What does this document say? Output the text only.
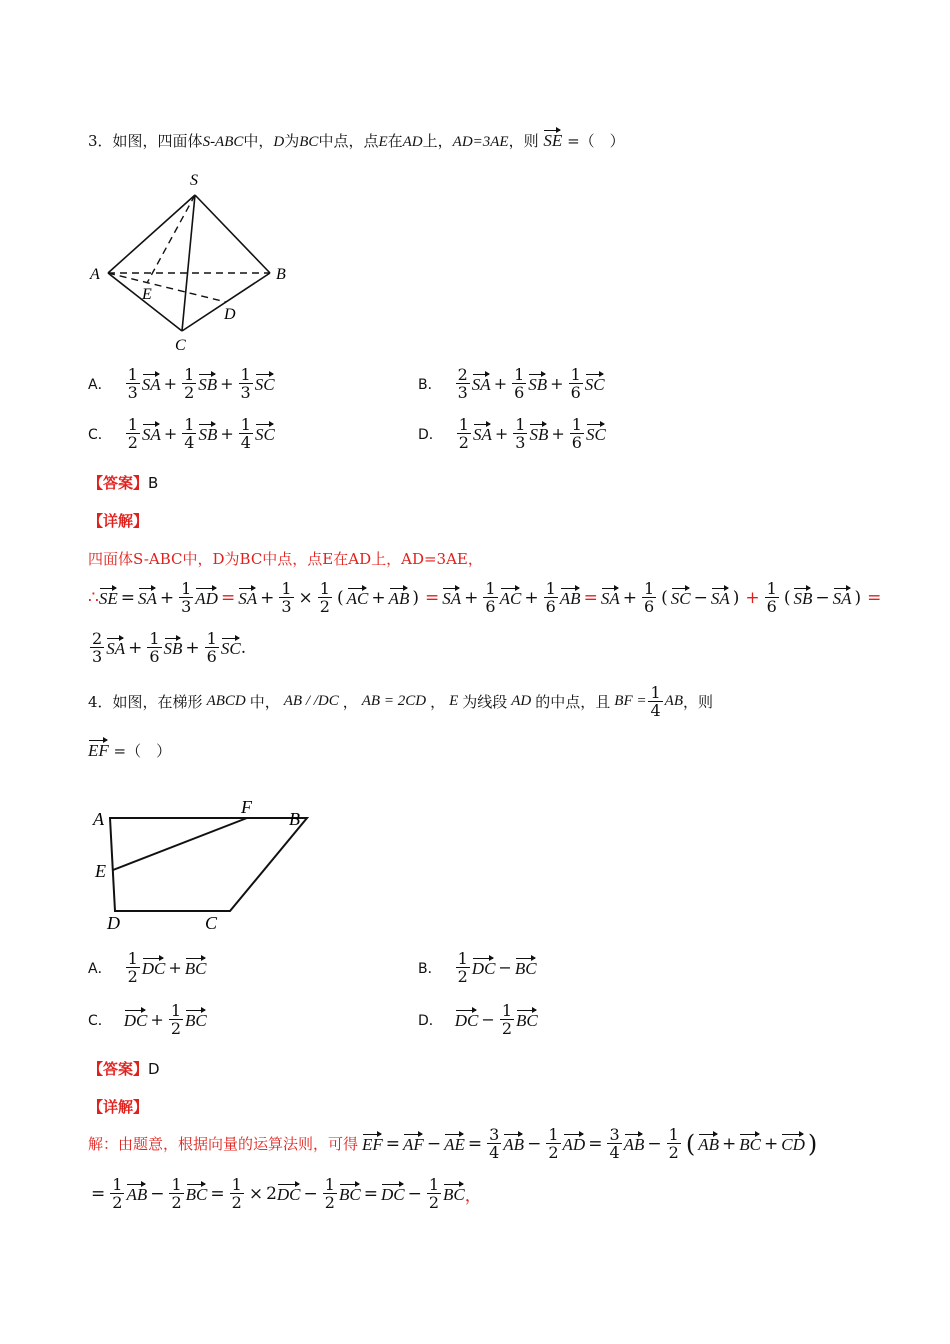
3．如图，四面体S-ABC中，D为BC中点，点E在AD上，AD=3AE，则 SE =（　）
S
A	B
C
D
E
A． $\frac{1}{3}$ SA + $\frac{1}{2}$ SB + $\frac{1}{3}$ SC	B． $\frac{2}{3}$ SA + $\frac{1}{6}$ SB + $\frac{1}{6}$ SC
C． $\frac{1}{2}$ SA + $\frac{1}{4}$ SB + $\frac{1}{4}$ SC	D． $\frac{1}{2}$ SA + $\frac{1}{3}$ SB + $\frac{1}{6}$ SC
【答案】B
【详解】
四面体S-ABC中，D为BC中点，点E在AD上，AD=3AE，
∴ SE = SA + $\frac{1}{3}$ AD = SA + $\frac{1}{3} \times \frac{1}{2}$ ( AC + AB ) = SA + $\frac{1}{6}$ AC + $\frac{1}{6}$ AB = SA + $\frac{1}{6}$ ( SC − SA ) + $\frac{1}{6}$ ( SB − SA ) =
$\frac{2}{3}$ SA + $\frac{1}{6}$ SB + $\frac{1}{6}$ SC .
4． 如图，在梯形 ABCD 中， AB / /DC ， AB = 2CD ， E 为线段 AD 的中点，且 BF = $\frac{1}{4}$ AB ，则
EF =（　）
A
F
B
E
D	C
A． $\frac{1}{2}$ DC + BC	B． $\frac{1}{2}$ DC − BC
C． DC + $\frac{1}{2}$ BC	D． DC − $\frac{1}{2}$ BC
【答案】D
【详解】
解：由题意，根据向量的运算法则，可得 EF = AF − AE = $\frac{3}{4}$ AB − $\frac{1}{2}$ AD = $\frac{3}{4}$ AB − $\frac{1}{2}$ ( AB + BC + CD )
= $\frac{1}{2}$ AB − $\frac{1}{2}$ BC = $\frac{1}{2} \times 2$ DC − $\frac{1}{2}$ BC = DC − $\frac{1}{2}$ BC ，
